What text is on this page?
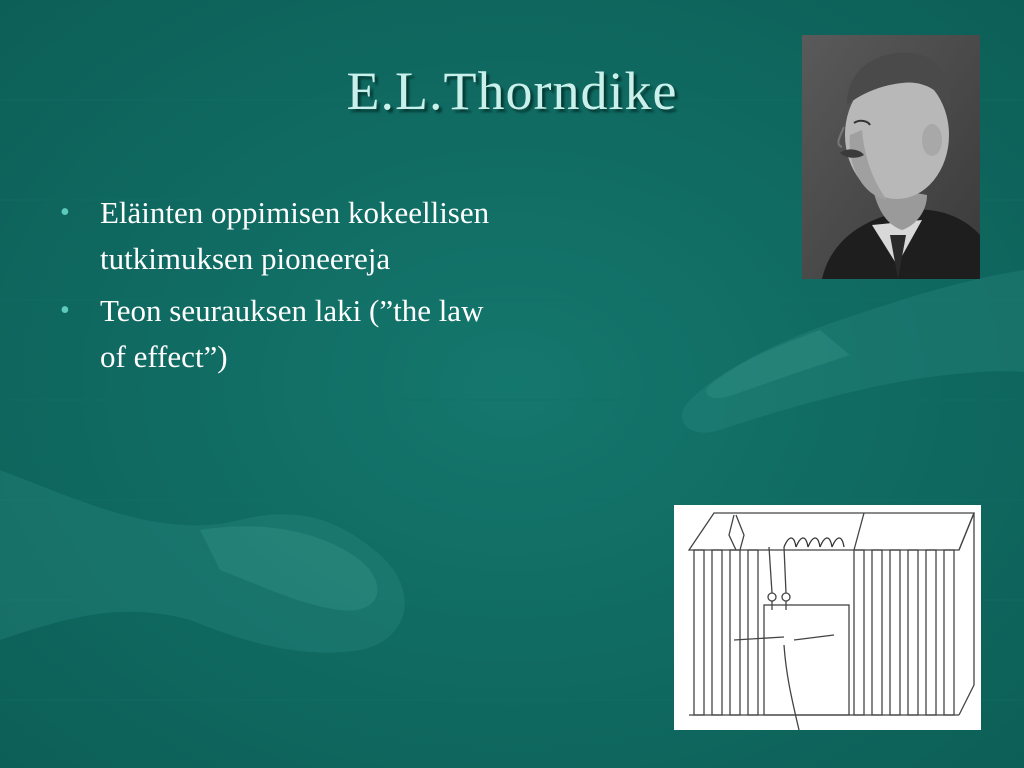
E.L.Thorndike
• Eläinten oppimisen kokeellisen tutkimuksen pioneereja
• Teon seurauksen laki (”the law of effect”)
